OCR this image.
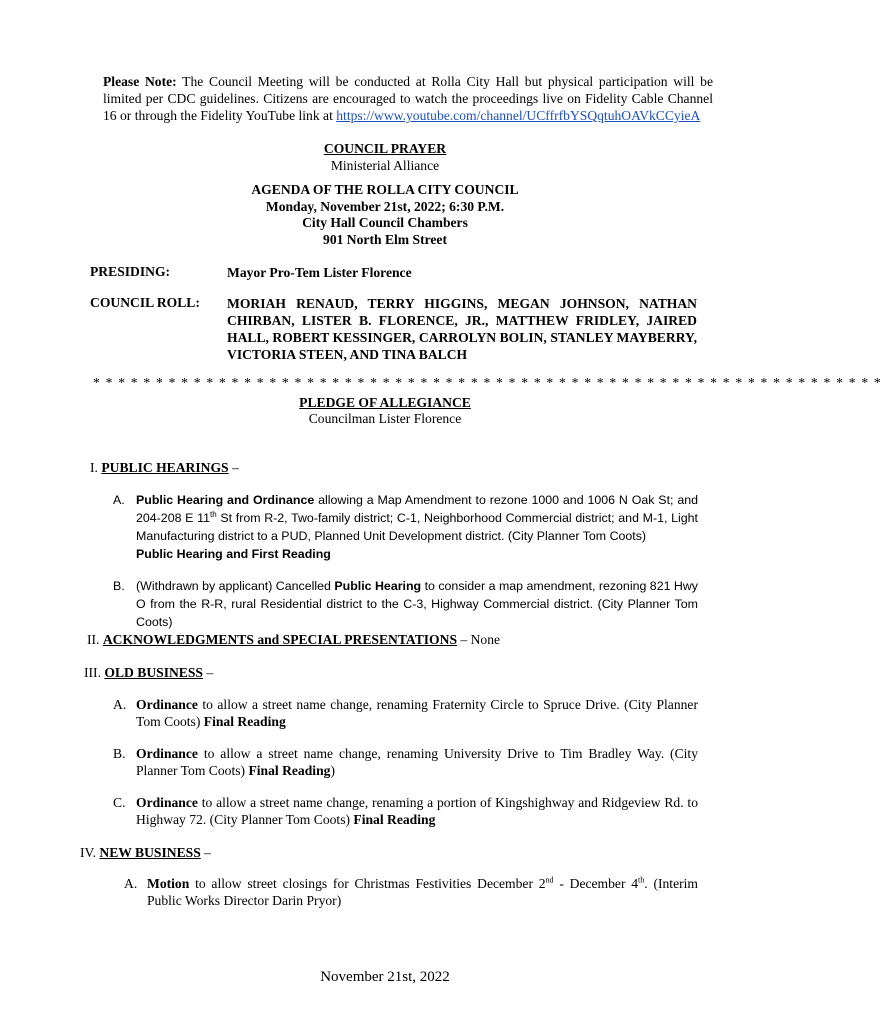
Please Note: The Council Meeting will be conducted at Rolla City Hall but physical participation will be limited per CDC guidelines. Citizens are encouraged to watch the proceedings live on Fidelity Cable Channel 16 or through the Fidelity YouTube link at https://www.youtube.com/channel/UCffrfbYSQqtuhOAVkCCyieA
COUNCIL PRAYER
Ministerial Alliance
AGENDA OF THE ROLLA CITY COUNCIL
Monday, November 21st, 2022; 6:30 P.M.
City Hall Council Chambers
901 North Elm Street
PRESIDING:	Mayor Pro-Tem Lister Florence
COUNCIL ROLL: MORIAH RENAUD, TERRY HIGGINS, MEGAN JOHNSON, NATHAN CHIRBAN, LISTER B. FLORENCE, JR., MATTHEW FRIDLEY, JAIRED HALL, ROBERT KESSINGER, CARROLYN BOLIN, STANLEY MAYBERRY, VICTORIA STEEN, AND TINA BALCH
* * * * * * * * * * * * * * * * * * * * * * * * * * * * * * * * * * * * * * * * * * * * * * * * * * * * * * * * * * * * * * *
PLEDGE OF ALLEGIANCE
Councilman Lister Florence
I. PUBLIC HEARINGS –
A. Public Hearing and Ordinance allowing a Map Amendment to rezone 1000 and 1006 N Oak St; and 204-208 E 11th St from R-2, Two-family district; C-1, Neighborhood Commercial district; and M-1, Light Manufacturing district to a PUD, Planned Unit Development district. (City Planner Tom Coots)
Public Hearing and First Reading
B. (Withdrawn by applicant) Cancelled Public Hearing to consider a map amendment, rezoning 821 Hwy O from the R-R, rural Residential district to the C-3, Highway Commercial district. (City Planner Tom Coots)
II. ACKNOWLEDGMENTS and SPECIAL PRESENTATIONS – None
III. OLD BUSINESS –
A. Ordinance to allow a street name change, renaming Fraternity Circle to Spruce Drive. (City Planner Tom Coots) Final Reading
B. Ordinance to allow a street name change, renaming University Drive to Tim Bradley Way. (City Planner Tom Coots) Final Reading)
C. Ordinance to allow a street name change, renaming a portion of Kingshighway and Ridgeview Rd. to Highway 72. (City Planner Tom Coots) Final Reading
IV. NEW BUSINESS –
A. Motion to allow street closings for Christmas Festivities December 2nd - December 4th. (Interim Public Works Director Darin Pryor)
November 21st, 2022
